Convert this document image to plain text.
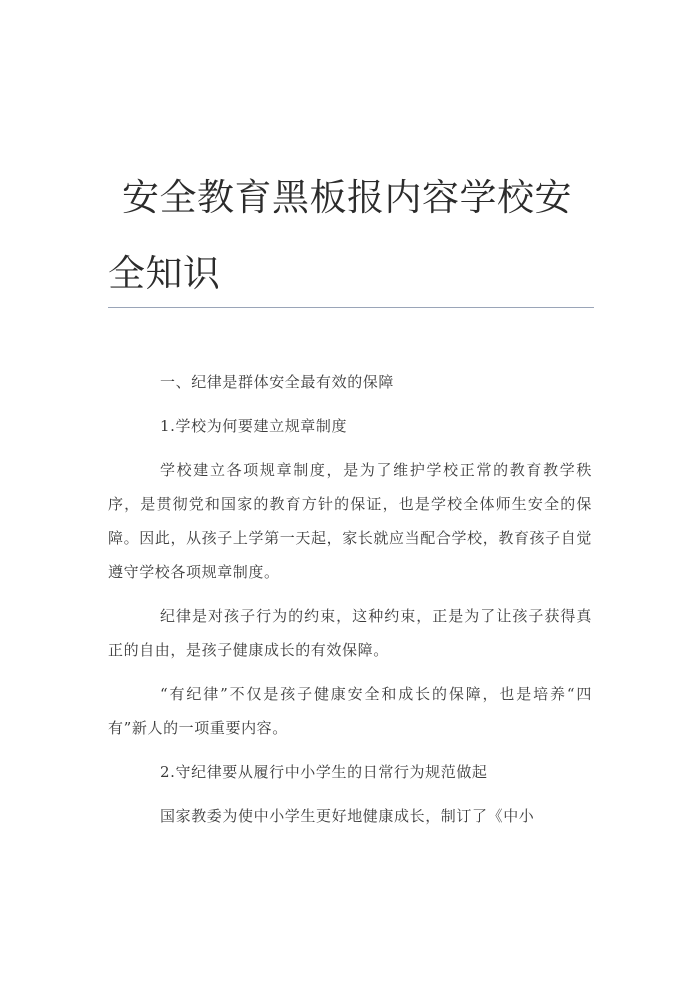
安全教育黑板报内容学校安全知识

一、纪律是群体安全最有效的保障

1.学校为何要建立规章制度

学校建立各项规章制度，是为了维护学校正常的教育教学秩序，是贯彻党和国家的教育方针的保证，也是学校全体师生安全的保障。因此，从孩子上学第一天起，家长就应当配合学校，教育孩子自觉遵守学校各项规章制度。

纪律是对孩子行为的约束，这种约束，正是为了让孩子获得真正的自由，是孩子健康成长的有效保障。

“有纪律”不仅是孩子健康安全和成长的保障，也是培养“四有”新人的一项重要内容。

2.守纪律要从履行中小学生的日常行为规范做起

国家教委为使中小学生更好地健康成长，制订了《中小
